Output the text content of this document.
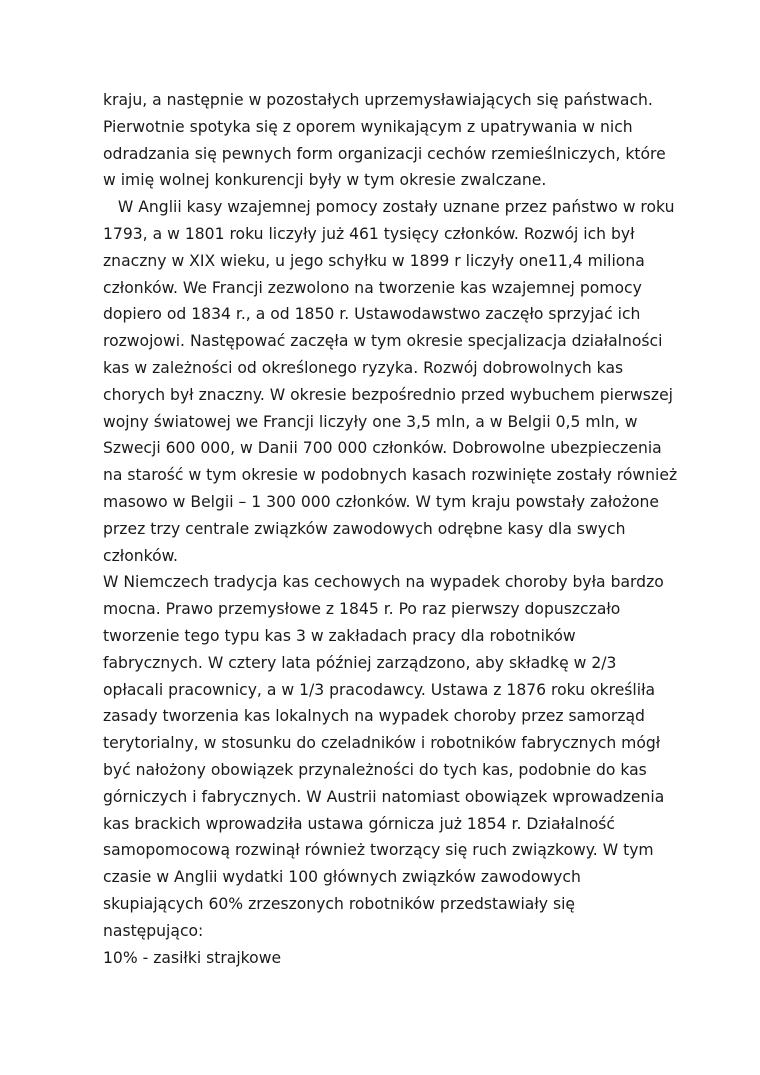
kraju, a następnie w pozostałych uprzemysławiających się państwach.
Pierwotnie spotyka się z oporem wynikającym z upatrywania w nich
odradzania się pewnych form organizacji cechów rzemieślniczych, które
w imię wolnej konkurencji były w tym okresie zwalczane.
W Anglii kasy wzajemnej pomocy zostały uznane przez państwo w roku
1793, a w 1801 roku liczyły już 461 tysięcy członków. Rozwój ich był
znaczny w XIX wieku, u jego schyłku w 1899 r liczyły one11,4 miliona
członków. We Francji zezwolono na tworzenie kas wzajemnej pomocy
dopiero od 1834 r., a od 1850 r. Ustawodawstwo zaczęło sprzyjać ich
rozwojowi. Następować zaczęła w tym okresie specjalizacja działalności
kas w zależności od określonego ryzyka. Rozwój dobrowolnych kas
chorych był znaczny. W okresie bezpośrednio przed wybuchem pierwszej
wojny światowej we Francji liczyły one 3,5 mln, a w Belgii 0,5 mln, w
Szwecji 600 000, w Danii 700 000 członków. Dobrowolne ubezpieczenia
na starość w tym okresie w podobnych kasach rozwinięte zostały również
masowo w Belgii – 1 300 000 członków. W tym kraju powstały założone
przez trzy centrale związków zawodowych odrębne kasy dla swych
członków.
W Niemczech tradycja kas cechowych na wypadek choroby była bardzo
mocna. Prawo przemysłowe z 1845 r. Po raz pierwszy dopuszczało
tworzenie tego typu kas 3 w zakładach pracy dla robotników
fabrycznych. W cztery lata później zarządzono, aby składkę w 2/3
opłacali pracownicy, a w 1/3 pracodawcy. Ustawa z 1876 roku określiła
zasady tworzenia kas lokalnych na wypadek choroby przez samorząd
terytorialny, w stosunku do czeladników i robotników fabrycznych mógł
być nałożony obowiązek przynależności do tych kas, podobnie do kas
górniczych i fabrycznych. W Austrii natomiast obowiązek wprowadzenia
kas brackich wprowadziła ustawa górnicza już 1854 r. Działalność
samopomocową rozwinął również tworzący się ruch związkowy. W tym
czasie w Anglii wydatki 100 głównych związków zawodowych
skupiających 60% zrzeszonych robotników przedstawiały się
następująco:
10% - zasiłki strajkowe
